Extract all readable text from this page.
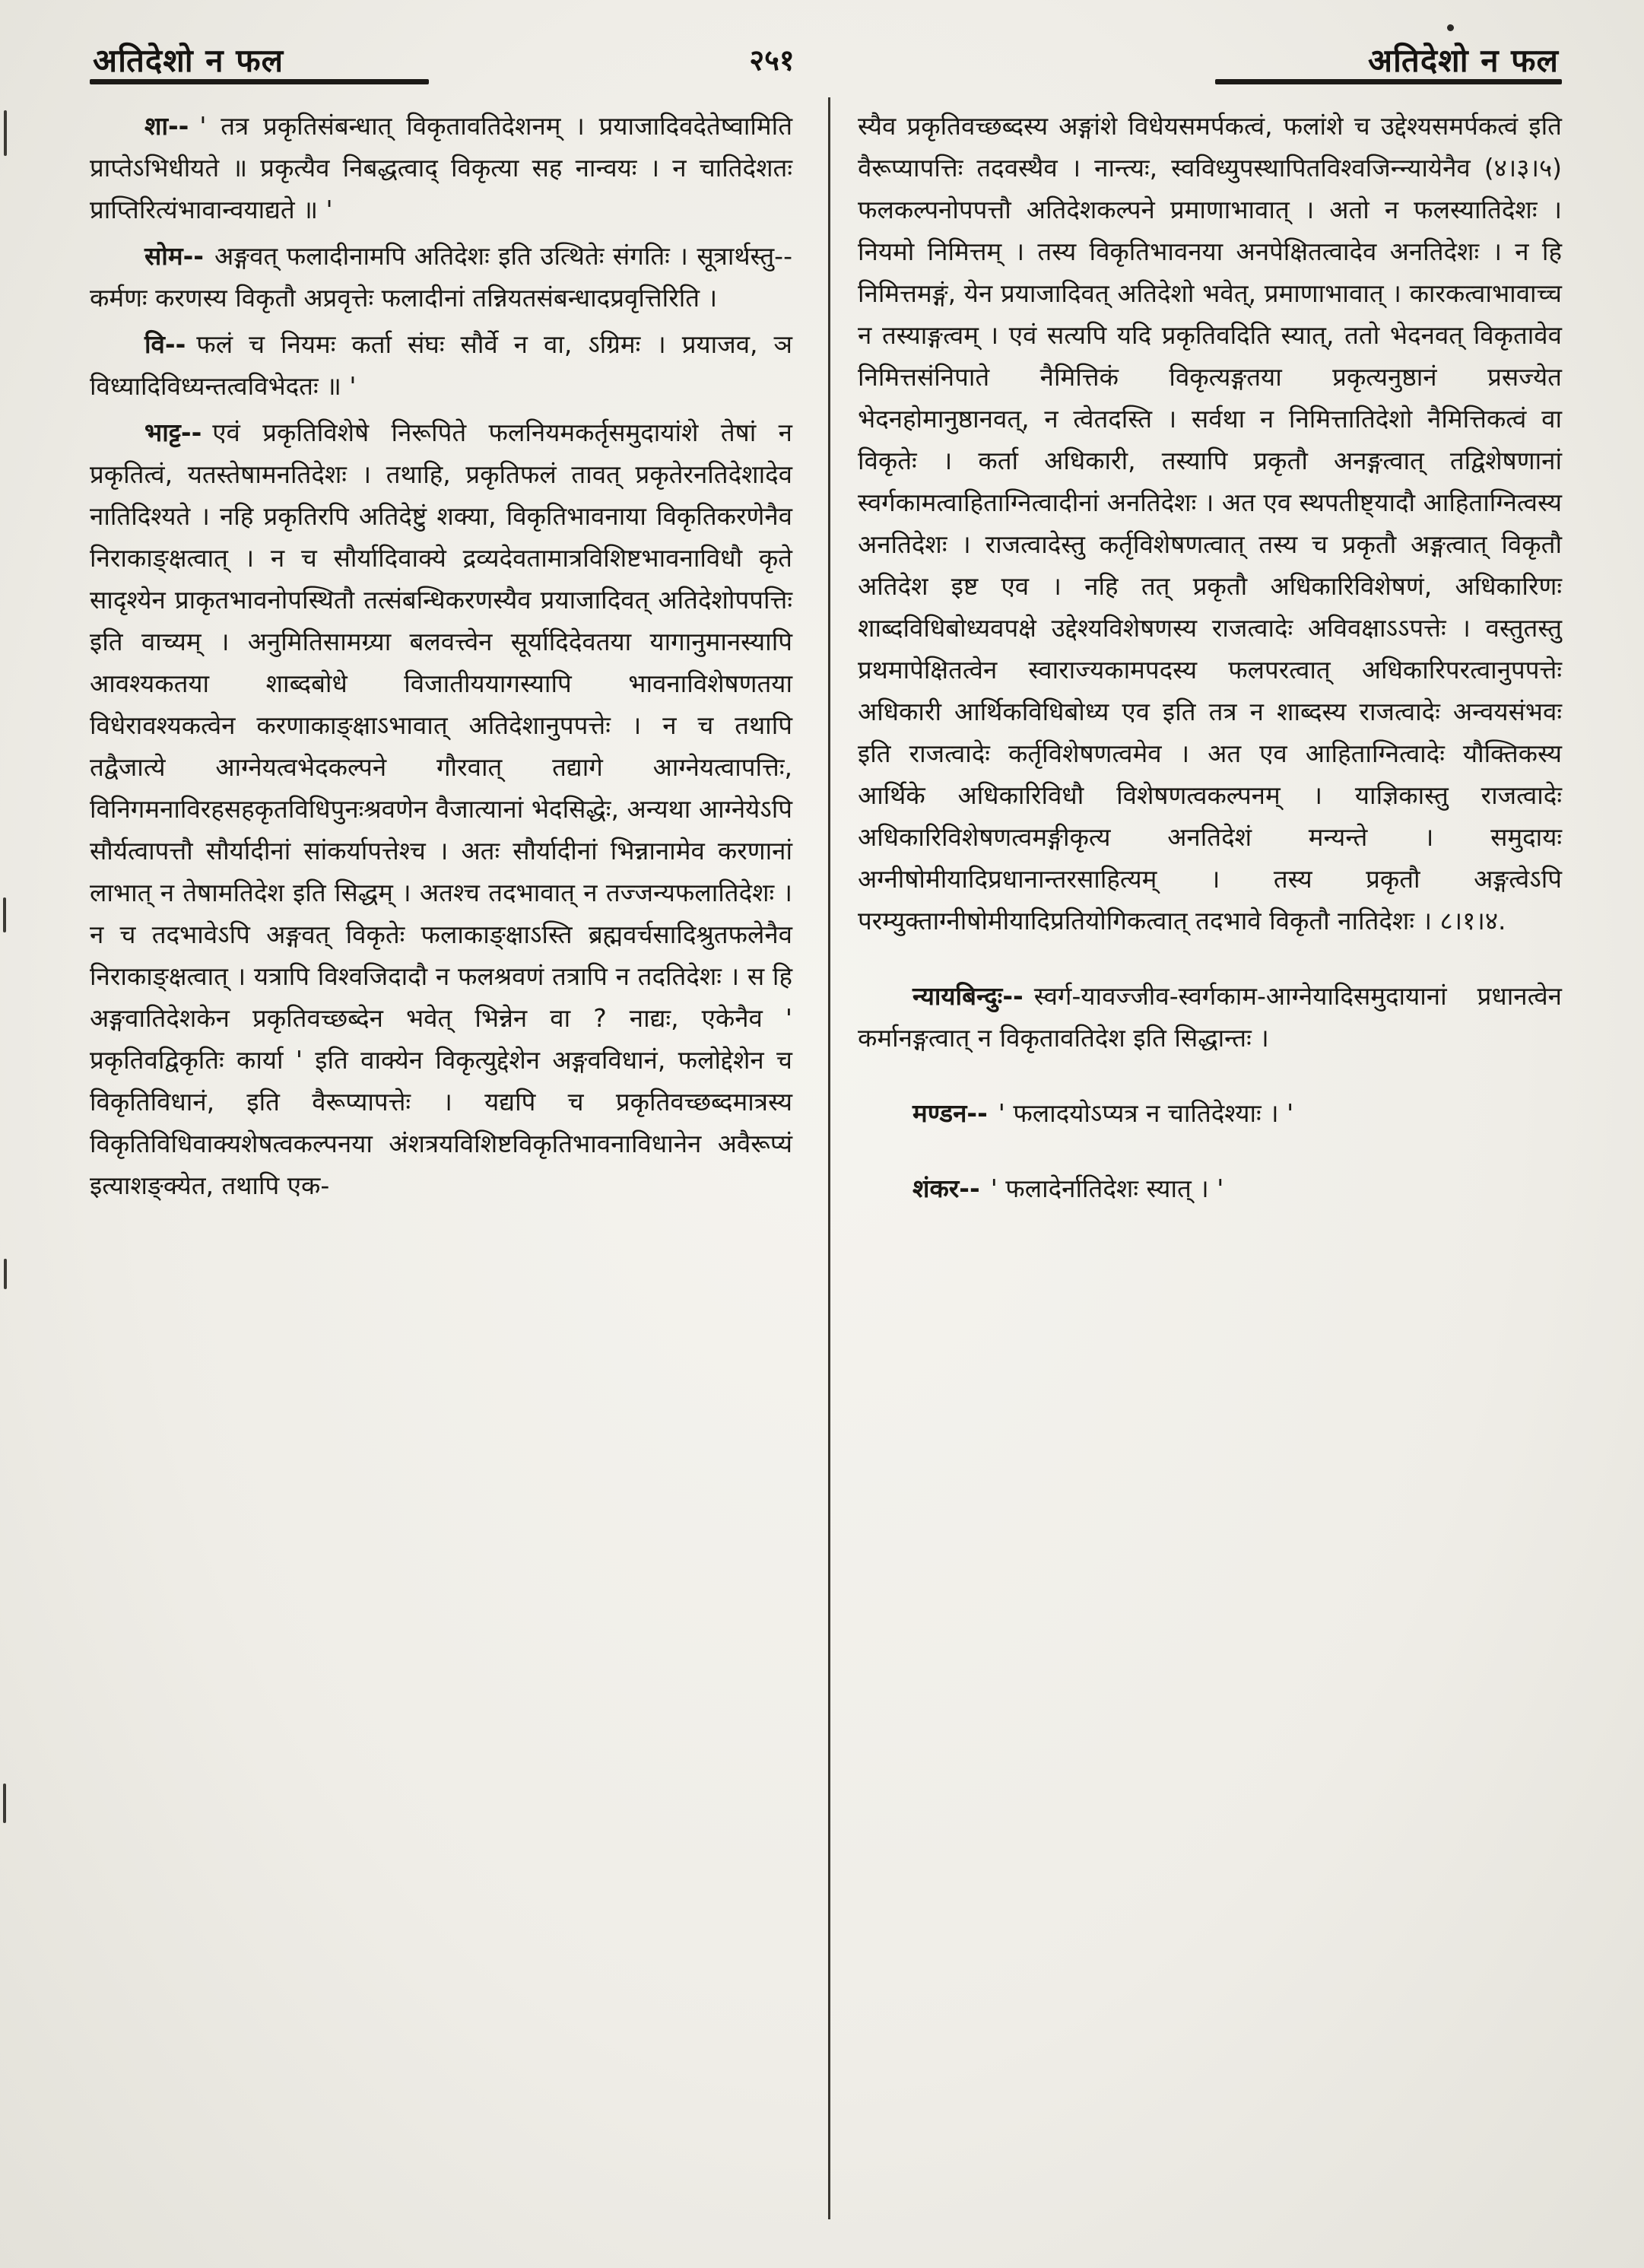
अतिदेशो न फल	२५१	अतिदेशो न फल

शा-- ' तत्र प्रकृतिसंबन्धात् विकृतावतिदेशनम् । प्रयाजादिवदेतेष्वामिति प्राप्तेऽभिधीयते ॥ प्रकृत्यैव निबद्धत्वाद् विकृत्या सह नान्वयः । न चातिदेशतः प्राप्तिरित्यंभावान्वयाद्यते ॥ '

सोम-- अङ्गवत् फलादीनामपि अतिदेशः इति उत्थितेः संगतिः । सूत्रार्थस्तु-- कर्मणः करणस्य विकृतौ अप्रवृत्तेः फलादीनां तन्नियतसंबन्धादप्रवृत्तिरिति ।

वि-- फलं च नियमः कर्ता संघः सौर्वे न वा, ऽग्रिमः । प्रयाजव, ञ विध्यादिविध्यन्तत्वविभेदतः ॥ '

भाट्ट-- एवं प्रकृतिविशेषे निरूपिते फलनियमकर्तृसमुदायांशे तेषां न प्रकृतित्वं, यतस्तेषामनतिदेशः । तथाहि, प्रकृतिफलं तावत् प्रकृतेरनतिदेशादेव नातिदिश्यते । नहि प्रकृतिरपि अतिदेष्टुं शक्या, विकृतिभावनाया विकृतिकरणेनैव निराकाङ्क्षत्वात् । न च सौर्यादिवाक्ये द्रव्यदेवतामात्रविशिष्टभावनाविधौ कृते सादृश्येन प्राकृतभावनोपस्थितौ तत्संबन्धिकरणस्यैव प्रयाजादिवत् अतिदेशोपपत्तिः इति वाच्यम् । अनुमितिसामग्र्या बलवत्त्वेन सूर्यादिदेवतया यागानुमानस्यापि आवश्यकतया शाब्दबोधे विजातीययागस्यापि भावनाविशेषणतया विधेरावश्यकत्वेन करणाकाङ्क्षाऽभावात् अतिदेशानुपपत्तेः । न च तथापि तद्वैजात्ये आग्नेयत्वभेदकल्पने गौरवात् तद्यागे आग्नेयत्वापत्तिः, विनिगमनाविरहसहकृतविधिपुनःश्रवणेन वैजात्यानां भेदसिद्धेः, अन्यथा आग्नेयेऽपि सौर्यत्वापत्तौ सौर्यादीनां सांकर्यापत्तेश्च । अतः सौर्यादीनां भिन्नानामेव करणानां लाभात् न तेषामतिदेश इति सिद्धम् । अतश्च तदभावात् न तज्जन्यफलातिदेशः । न च तदभावेऽपि अङ्गवत् विकृतेः फलाकाङ्क्षाऽस्ति ब्रह्मवर्चसादिश्रुतफलेनैव निराकाङ्क्षत्वात् । यत्रापि विश्वजिदादौ न फलश्रवणं तत्रापि न तदतिदेशः । स हि अङ्गवातिदेशकेन प्रकृतिवच्छब्देन भवेत् भिन्नेन वा ? नाद्यः, एकेनैव ' प्रकृतिवद्विकृतिः कार्या ' इति वाक्येन विकृत्युद्देशेन अङ्गवविधानं, फलोद्देशेन च विकृतिविधानं, इति वैरूप्यापत्तेः । यद्यपि च प्रकृतिवच्छब्दमात्रस्य विकृतिविधिवाक्यशेषत्वकल्पनया अंशत्रयविशिष्टविकृतिभावनाविधानेन अवैरूप्यं इत्याशङ्क्येत, तथापि एक-

स्यैव प्रकृतिवच्छब्दस्य अङ्गांशे विधेयसमर्पकत्वं, फलांशे च उद्देश्यसमर्पकत्वं इति वैरूप्यापत्तिः तदवस्थैव । नान्त्यः, स्वविध्युपस्थापितविश्वजिन्न्यायेनैव (४।३।५) फलकल्पनोपपत्तौ अतिदेशकल्पने प्रमाणाभावात् । अतो न फलस्यातिदेशः । नियमो निमित्तम् । तस्य विकृतिभावनया अनपेक्षितत्वादेव अनतिदेशः । न हि निमित्तमङ्गं, येन प्रयाजादिवत् अतिदेशो भवेत्, प्रमाणाभावात् । कारकत्वाभावाच्च न तस्याङ्गत्वम् । एवं सत्यपि यदि प्रकृतिवदिति स्यात्, ततो भेदनवत् विकृतावेव निमित्तसंनिपाते नैमित्तिकं विकृत्यङ्गतया प्रकृत्यनुष्ठानं प्रसज्येत भेदनहोमानुष्ठानवत्, न त्वेतदस्ति । सर्वथा न निमित्तातिदेशो नैमित्तिकत्वं वा विकृतेः । कर्ता अधिकारी, तस्यापि प्रकृतौ अनङ्गत्वात् तद्विशेषणानां स्वर्गकामत्वाहिताग्नित्वादीनां अनतिदेशः । अत एव स्थपतीष्ट्यादौ आहिताग्नित्वस्य अनतिदेशः । राजत्वादेस्तु कर्तृविशेषणत्वात् तस्य च प्रकृतौ अङ्गत्वात् विकृतौ अतिदेश इष्ट एव । नहि तत् प्रकृतौ अधिकारिविशेषणं, अधिकारिणः शाब्दविधिबोध्यवपक्षे उद्देश्यविशेषणस्य राजत्वादेः अविवक्षाऽऽपत्तेः । वस्तुतस्तु प्रथमापेक्षितत्वेन स्वाराज्यकामपदस्य फलपरत्वात् अधिकारिपरत्वानुपपत्तेः अधिकारी आर्थिकविधिबोध्य एव इति तत्र न शाब्दस्य राजत्वादेः अन्वयसंभवः इति राजत्वादेः कर्तृविशेषणत्वमेव । अत एव आहिताग्नित्वादेः यौक्तिकस्य आर्थिके अधिकारिविधौ विशेषणत्वकल्पनम् । याज्ञिकास्तु राजत्वादेः अधिकारिविशेषणत्वमङ्गीकृत्य अनतिदेशं मन्यन्ते । समुदायः अग्नीषोमीयादिप्रधानान्तरसाहित्यम् । तस्य प्रकृतौ अङ्गत्वेऽपि परम्युक्ताग्नीषोमीयादिप्रतियोगिकत्वात् तदभावे विकृतौ नातिदेशः । ८।१।४.

न्यायबिन्दुः-- स्वर्ग-यावज्जीव-स्वर्गकाम-आग्नेयादिसमुदायानां प्रधानत्वेन कर्मानङ्गत्वात् न विकृतावतिदेश इति सिद्धान्तः ।

मण्डन-- ' फलादयोऽप्यत्र न चातिदेश्याः । '

शंकर-- ' फलादेर्नातिदेशः स्यात् । '
